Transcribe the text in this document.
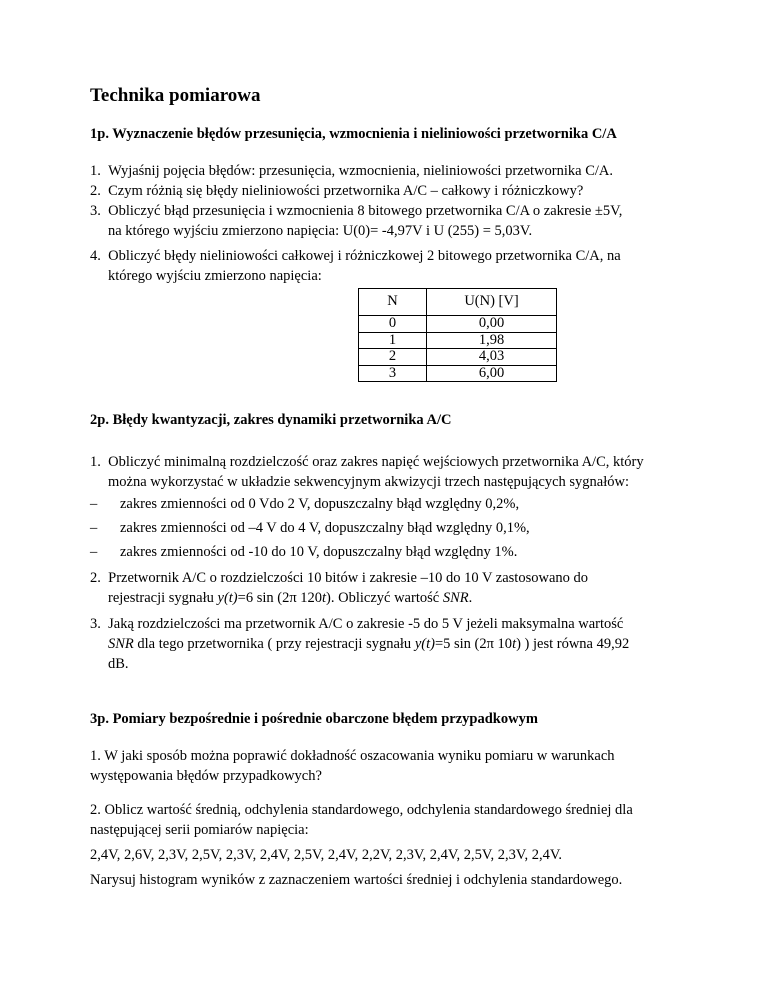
Technika pomiarowa
1p. Wyznaczenie błędów przesunięcia, wzmocnienia i nieliniowości przetwornika C/A
1. Wyjaśnij pojęcia błędów: przesunięcia, wzmocnienia, nieliniowości przetwornika C/A.
2. Czym różnią się błędy nieliniowości przetwornika A/C – całkowy i różniczkowy?
3. Obliczyć błąd przesunięcia i wzmocnienia 8 bitowego przetwornika C/A o zakresie ±5V,
na którego wyjściu zmierzono napięcia: U(0)= -4,97V i U (255) = 5,03V.
4. Obliczyć błędy nieliniowości całkowej i różniczkowej 2 bitowego przetwornika C/A, na
którego wyjściu zmierzono napięcia:
N	U(N) [V]
0	0,00
1	1,98
2	4,03
3	6,00
2p. Błędy kwantyzacji, zakres dynamiki przetwornika A/C
1. Obliczyć minimalną rozdzielczość oraz zakres napięć wejściowych przetwornika A/C, który
można wykorzystać w układzie sekwencyjnym akwizycji trzech następujących sygnałów:
– zakres zmienności od 0 Vdo 2 V, dopuszczalny błąd względny 0,2%,
– zakres zmienności od –4 V do 4 V, dopuszczalny błąd względny 0,1%,
– zakres zmienności od -10 do 10 V, dopuszczalny błąd względny 1%.
2. Przetwornik A/C o rozdzielczości 10 bitów i zakresie –10 do 10 V zastosowano do
rejestracji sygnału y(t)=6 sin (2π 120t). Obliczyć wartość SNR.
3. Jaką rozdzielczości ma przetwornik A/C o zakresie -5 do 5 V jeżeli maksymalna wartość
SNR dla tego przetwornika ( przy rejestracji sygnału y(t)=5 sin (2π 10t) ) jest równa 49,92
dB.
3p. Pomiary bezpośrednie i pośrednie obarczone błędem przypadkowym
1. W jaki sposób można poprawić dokładność oszacowania wyniku pomiaru w warunkach
występowania błędów przypadkowych?
2. Oblicz wartość średnią, odchylenia standardowego, odchylenia standardowego średniej dla
następującej serii pomiarów napięcia:
2,4V, 2,6V, 2,3V, 2,5V, 2,3V, 2,4V, 2,5V, 2,4V, 2,2V, 2,3V, 2,4V, 2,5V, 2,3V, 2,4V.
Narysuj histogram wyników z zaznaczeniem wartości średniej i odchylenia standardowego.
